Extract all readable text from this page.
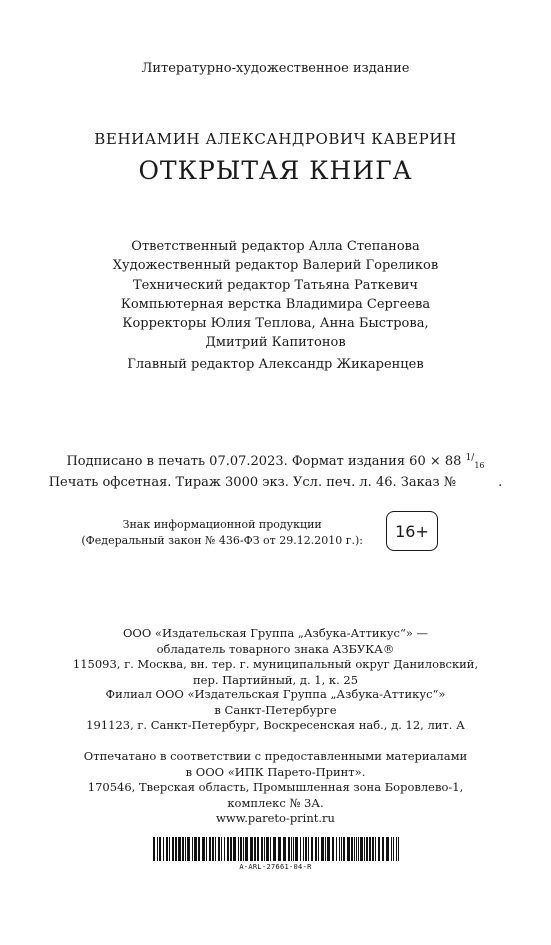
Литературно-художественное издание
ВЕНИАМИН АЛЕКСАНДРОВИЧ КАВЕРИН
ОТКРЫТАЯ КНИГА
Ответственный редактор Алла Степанова
Художественный редактор Валерий Гореликов
Технический редактор Татьяна Раткевич
Компьютерная верстка Владимира Сергеева
Корректоры Юлия Теплова, Анна Быстрова,
Дмитрий Капитонов
Главный редактор Александр Жикаренцев
Подписано в печать 07.07.2023. Формат издания 60 × 88 $^{1/}_{16}$
Печать офсетная. Тираж 3000 экз. Усл. печ. л. 46. Заказ №	.
Знак информационной продукции
(Федеральный закон № 436-ФЗ от 29.12.2010 г.):	16+
ООО «Издательская Группа „Азбука-Аттикус“» —
обладатель товарного знака АЗБУКА®
115093, г. Москва, вн. тер. г. муниципальный округ Даниловский,
пер. Партийный, д. 1, к. 25
Филиал ООО «Издательская Группа „Азбука-Аттикус“»
в Санкт-Петербурге
191123, г. Санкт-Петербург, Воскресенская наб., д. 12, лит. А
Отпечатано в соответствии с предоставленными материалами
в ООО «ИПК Парето-Принт».
170546, Тверская область, Промышленная зона Боровлево-1,
комплекс № 3А.
www.pareto-print.ru
A-ARL-27661-04-R
